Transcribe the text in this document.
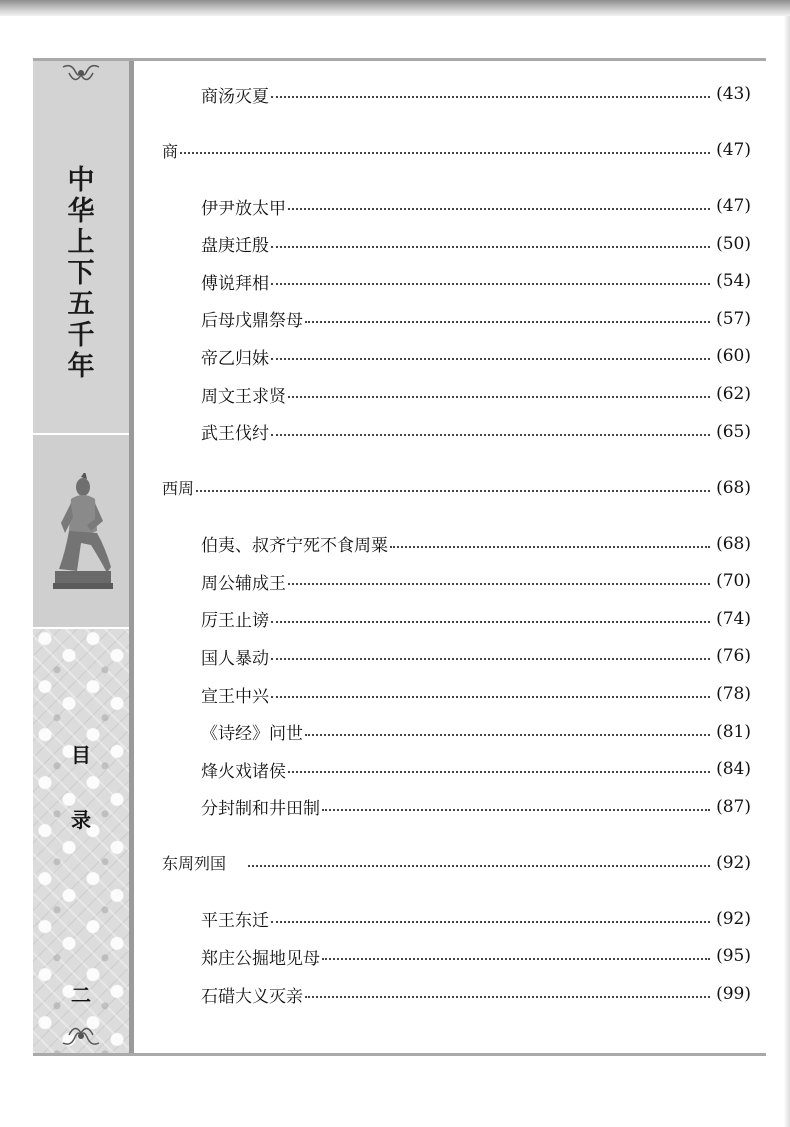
中
华
上
下
五
千
年
目
录
二
商汤灭夏	(43)
商	(47)
伊尹放太甲	(47)
盘庚迁殷	(50)
傅说拜相	(54)
后母戊鼎祭母	(57)
帝乙归妹	(60)
周文王求贤	(62)
武王伐纣	(65)
西周	(68)
伯夷、叔齐宁死不食周粟	(68)
周公辅成王	(70)
厉王止谤	(74)
国人暴动	(76)
宣王中兴	(78)
《诗经》问世	(81)
烽火戏诸侯	(84)
分封制和井田制	(87)
东周列国	(92)
平王东迁	(92)
郑庄公掘地见母	(95)
石碏大义灭亲	(99)
